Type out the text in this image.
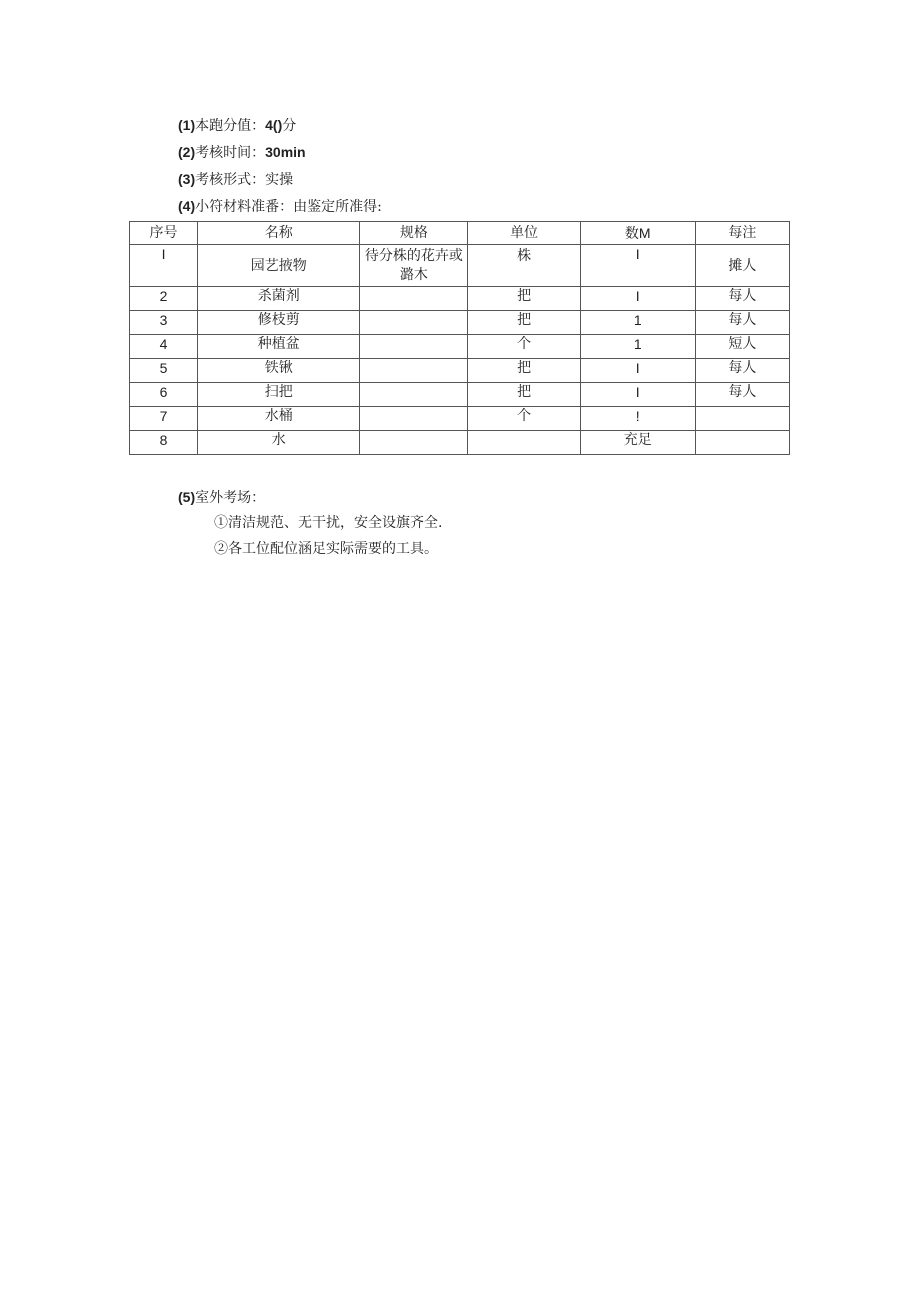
(1)本跑分值：4()分
(2)考核时间：30min
(3)考核形式：实操
(4)小符材料准番：由鉴定所准得:
序号	名称	规格	单位	数M	每注
I	园艺掖物	待分株的花卉或潞木	株	I	摊人
2	杀菌剂		把	I	每人
3	修枝剪		把	1	每人
4	种植盆		个	1	短人
5	铁锹		把	I	每人
6	扫把		把	I	每人
7	水桶		个	!	
8	水			充足	
(5)室外考场：
①清洁规范、无干扰，安全设旗齐全.
②各工位配位涵足实际需要的工具。
